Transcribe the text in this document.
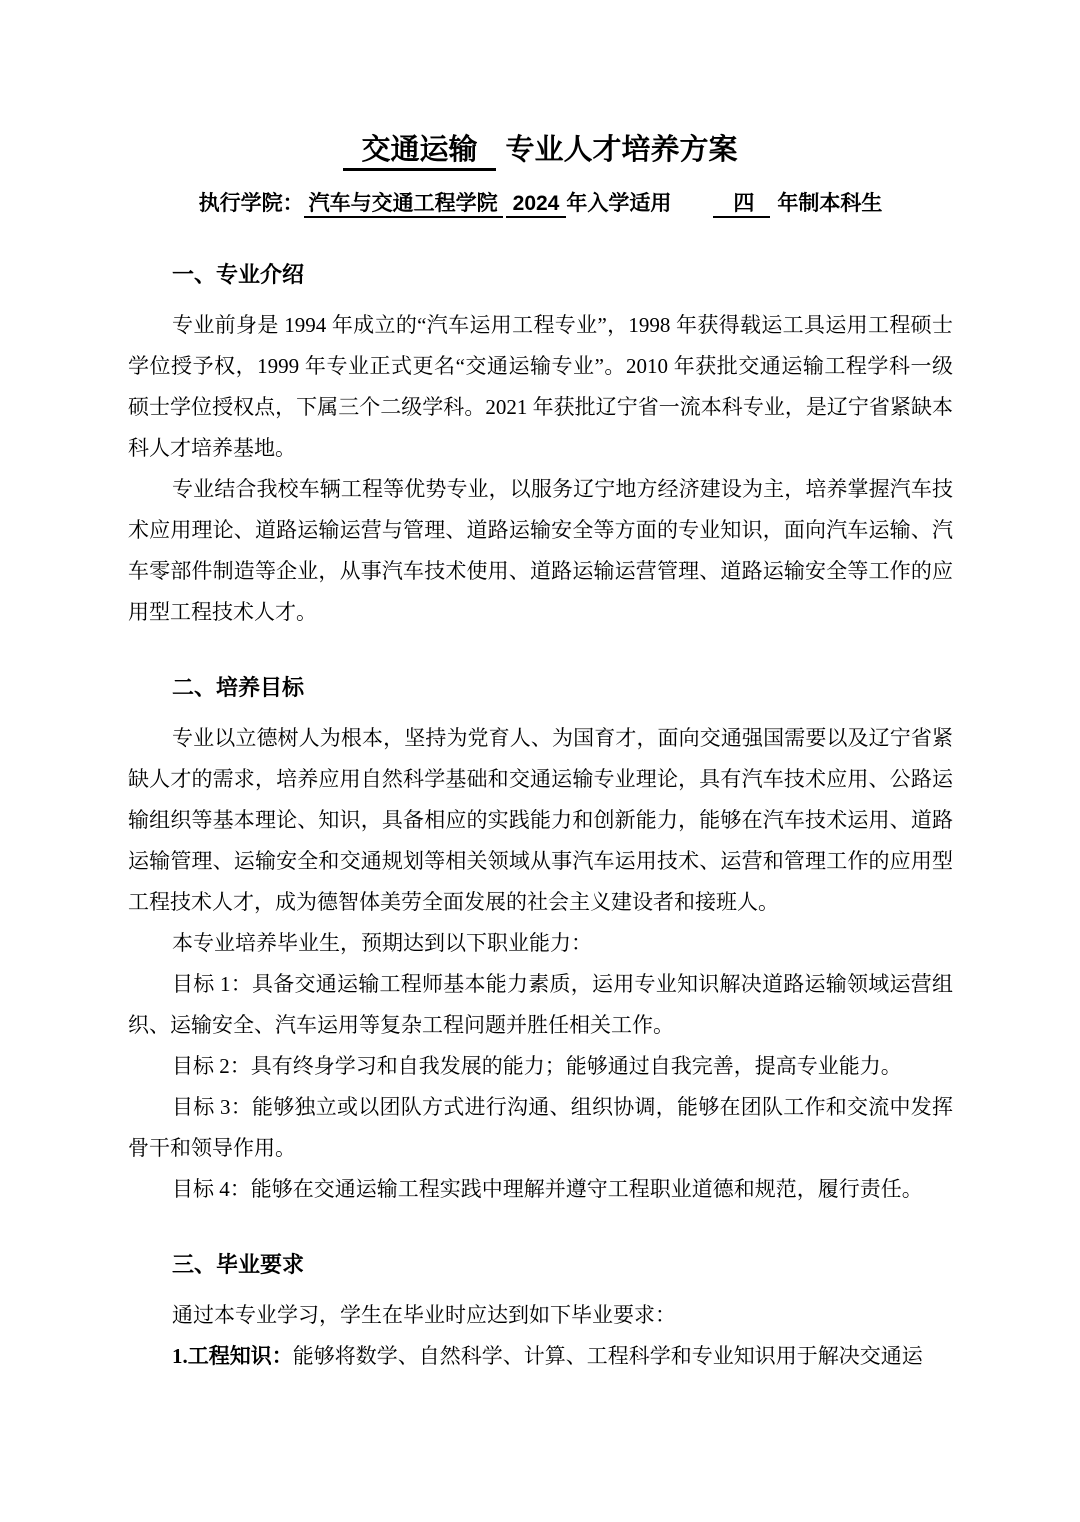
交通运输 专业人才培养方案
执行学院： 汽车与交通工程学院 2024 年入学适用	四 年制本科生
一、专业介绍

专业前身是 1994 年成立的“汽车运用工程专业”，1998 年获得载运工具运用工程硕士学位授予权，1999 年专业正式更名“交通运输专业”。2010 年获批交通运输工程学科一级硕士学位授权点，下属三个二级学科。2021 年获批辽宁省一流本科专业，是辽宁省紧缺本科人才培养基地。

专业结合我校车辆工程等优势专业，以服务辽宁地方经济建设为主，培养掌握汽车技术应用理论、道路运输运营与管理、道路运输安全等方面的专业知识，面向汽车运输、汽车零部件制造等企业，从事汽车技术使用、道路运输运营管理、道路运输安全等工作的应用型工程技术人才。

二、培养目标

专业以立德树人为根本，坚持为党育人、为国育才，面向交通强国需要以及辽宁省紧缺人才的需求，培养应用自然科学基础和交通运输专业理论，具有汽车技术应用、公路运输组织等基本理论、知识，具备相应的实践能力和创新能力，能够在汽车技术运用、道路运输管理、运输安全和交通规划等相关领域从事汽车运用技术、运营和管理工作的应用型工程技术人才，成为德智体美劳全面发展的社会主义建设者和接班人。

本专业培养毕业生，预期达到以下职业能力：

目标 1：具备交通运输工程师基本能力素质，运用专业知识解决道路运输领域运营组织、运输安全、汽车运用等复杂工程问题并胜任相关工作。

目标 2：具有终身学习和自我发展的能力；能够通过自我完善，提高专业能力。

目标 3：能够独立或以团队方式进行沟通、组织协调，能够在团队工作和交流中发挥骨干和领导作用。

目标 4：能够在交通运输工程实践中理解并遵守工程职业道德和规范，履行责任。

三、毕业要求

通过本专业学习，学生在毕业时应达到如下毕业要求：

1.工程知识：能够将数学、自然科学、计算、工程科学和专业知识用于解决交通运
